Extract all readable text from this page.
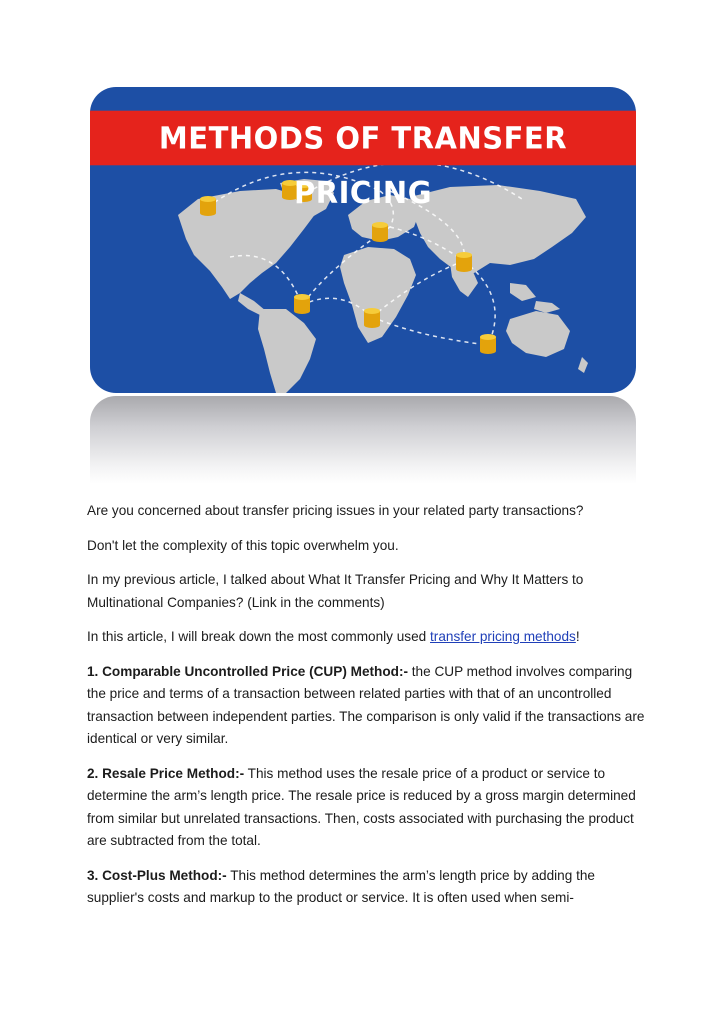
METHODS OF TRANSFER PRICING

Are you concerned about transfer pricing issues in your related party transactions?

Don't let the complexity of this topic overwhelm you.

In my previous article, I talked about What It Transfer Pricing and Why It Matters to Multinational Companies? (Link in the comments)

In this article, I will break down the most commonly used transfer pricing methods!

1. Comparable Uncontrolled Price (CUP) Method:- the CUP method involves comparing the price and terms of a transaction between related parties with that of an uncontrolled transaction between independent parties. The comparison is only valid if the transactions are identical or very similar.

2. Resale Price Method:- This method uses the resale price of a product or service to determine the arm’s length price. The resale price is reduced by a gross margin determined from similar but unrelated transactions. Then, costs associated with purchasing the product are subtracted from the total.

3. Cost-Plus Method:- This method determines the arm’s length price by adding the supplier's costs and markup to the product or service. It is often used when semi-
